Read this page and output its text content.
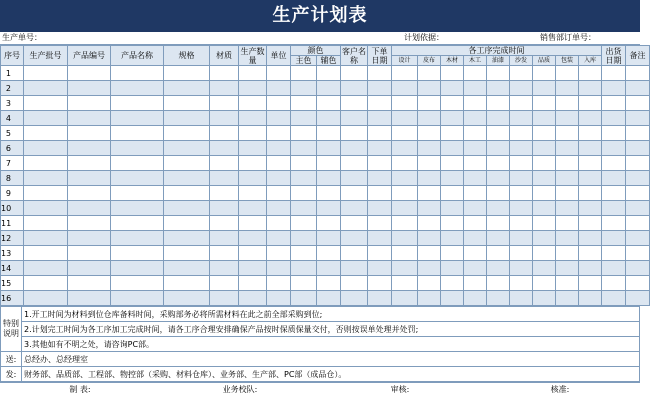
生产计划表
生产单号：	计划依据：	销售部订单号：
序号	生产批号	产品编号	产品名称	规格	材质	生产数量	单位	颜色		客户名称	下单日期	各工序完成时间									出货日期	备注
								主色	辅色			设计	皮布	木材	木工	油漆	沙发	品质	包装	入库		
1																						
2																						
3																						
4																						
5																						
6																						
7																						
8																						
9																						
10																						
11																						
12																						
13																						
14																						
15																						
16																						
特别说明	1.开工时间为材料到位仓库备料时间，采购部务必将所需材料在此之前全部采购到位;
	2.计划完工时间为各工序加工完成时间，请各工序合理安排确保产品按时保质保量交付，否则按误单处理并处罚;
	3.其他如有不明之处，请咨询PC部。
送:	总经办、总经理室
发:	财务部、品质部、工程部、物控部（采购、材料仓库）、业务部、生产部、PC部（成品仓）。
制 表:	业务校队:	审核:	核准:
